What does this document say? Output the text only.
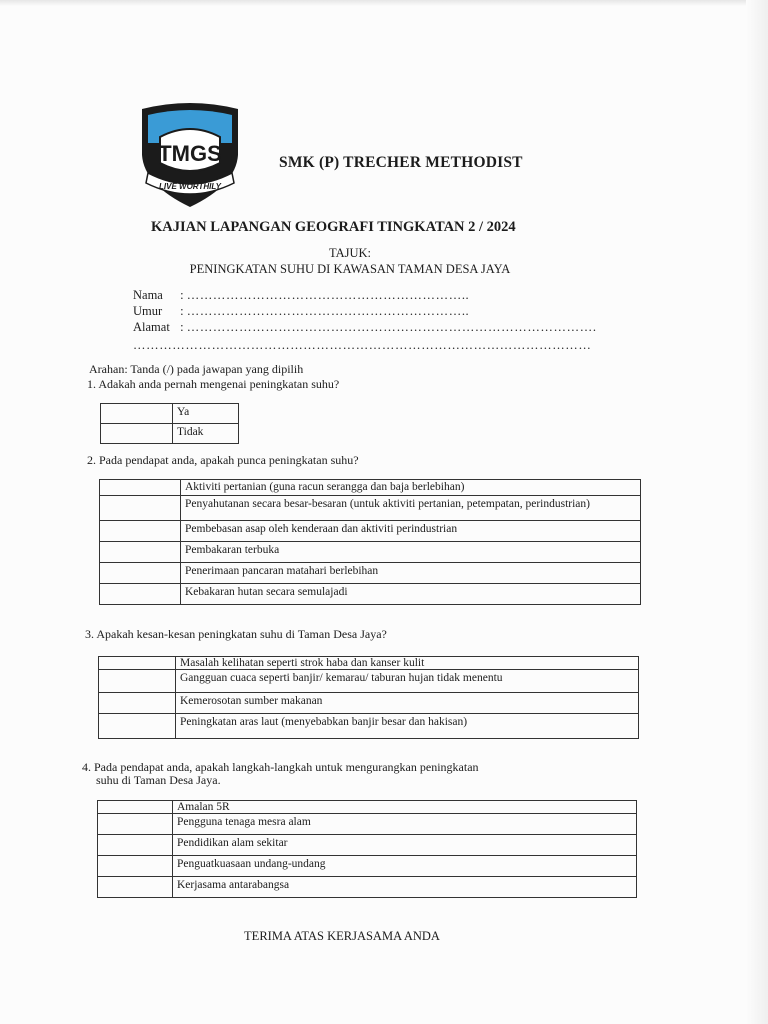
TMGS
LIVE WORTHILY
SMK (P) TRECHER METHODIST
KAJIAN LAPANGAN GEOGRAFI TINGKATAN 2 / 2024
TAJUK:
PENINGKATAN SUHU DI KAWASAN TAMAN DESA JAYA
Nama : ………………………………………………………..
Umur : ………………………………………………………..
Alamat : ………………………………………………………………………………….
……………………………………………………………………………………………
Arahan: Tanda (/) pada jawapan yang dipilih
1. Adakah anda pernah mengenai peningkatan suhu?
	Ya
	Tidak
2. Pada pendapat anda, apakah punca peningkatan suhu?
	Aktiviti pertanian (guna racun serangga dan baja berlebihan)
	Penyahutanan secara besar-besaran (untuk aktiviti pertanian, petempatan, perindustrian)
	Pembebasan asap oleh kenderaan dan aktiviti perindustrian
	Pembakaran terbuka
	Penerimaan pancaran matahari berlebihan
	Kebakaran hutan secara semulajadi
3. Apakah kesan-kesan peningkatan suhu di Taman Desa Jaya?
	Masalah kelihatan seperti strok haba dan kanser kulit
	Gangguan cuaca seperti banjir/ kemarau/ taburan hujan tidak menentu
	Kemerosotan sumber makanan
	Peningkatan aras laut (menyebabkan banjir besar dan hakisan)
4. Pada pendapat anda, apakah langkah-langkah untuk mengurangkan peningkatan
suhu di Taman Desa Jaya.
	Amalan 5R
	Pengguna tenaga mesra alam
	Pendidikan alam sekitar
	Penguatkuasaan undang-undang
	Kerjasama antarabangsa
TERIMA ATAS KERJASAMA ANDA
